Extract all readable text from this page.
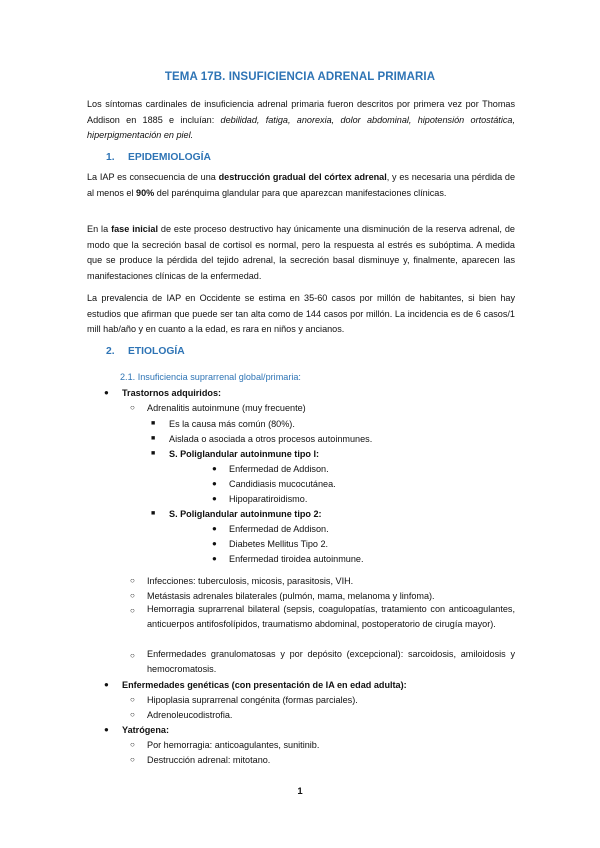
TEMA 17B. INSUFICIENCIA ADRENAL PRIMARIA

Los síntomas cardinales de insuficiencia adrenal primaria fueron descritos por primera vez por Thomas Addison en 1885 e incluían: debilidad, fatiga, anorexia, dolor abdominal, hipotensión ortostática, hiperpigmentación en piel.

1. EPIDEMIOLOGÍA

La IAP es consecuencia de una destrucción gradual del córtex adrenal, y es necesaria una pérdida de al menos el 90% del parénquima glandular para que aparezcan manifestaciones clínicas.

En la fase inicial de este proceso destructivo hay únicamente una disminución de la reserva adrenal, de modo que la secreción basal de cortisol es normal, pero la respuesta al estrés es subóptima. A medida que se produce la pérdida del tejido adrenal, la secreción basal disminuye y, finalmente, aparecen las manifestaciones clínicas de la enfermedad.

La prevalencia de IAP en Occidente se estima en 35-60 casos por millón de habitantes, si bien hay estudios que afirman que puede ser tan alta como de 144 casos por millón. La incidencia es de 6 casos/1 mill hab/año y en cuanto a la edad, es rara en niños y ancianos.

2. ETIOLOGÍA
2.1. Insuficiencia suprarrenal global/primaria:
● Trastornos adquiridos:
○ Adrenalitis autoinmune (muy frecuente)
■ Es la causa más común (80%).
■ Aislada o asociada a otros procesos autoinmunes.
■ S. Poliglandular autoinmune tipo I:
● Enfermedad de Addison.
● Candidiasis mucocutánea.
● Hipoparatiroidismo.
■ S. Poliglandular autoinmune tipo 2:
● Enfermedad de Addison.
● Diabetes Mellitus Tipo 2.
● Enfermedad tiroidea autoinmune.
○ Infecciones: tuberculosis, micosis, parasitosis, VIH.
○ Metástasis adrenales bilaterales (pulmón, mama, melanoma y linfoma).
○ Hemorragia suprarrenal bilateral (sepsis, coagulopatías, tratamiento con anticoagulantes, anticuerpos antifosfolípidos, traumatismo abdominal, postoperatorio de cirugía mayor).
○ Enfermedades granulomatosas y por depósito (excepcional): sarcoidosis, amiloidosis y hemocromatosis.
● Enfermedades genéticas (con presentación de IA en edad adulta):
○ Hipoplasia suprarrenal congénita (formas parciales).
○ Adrenoleucodistrofia.
● Yatrógena:
○ Por hemorragia: anticoagulantes, sunitinib.
○ Destrucción adrenal: mitotano.
1
